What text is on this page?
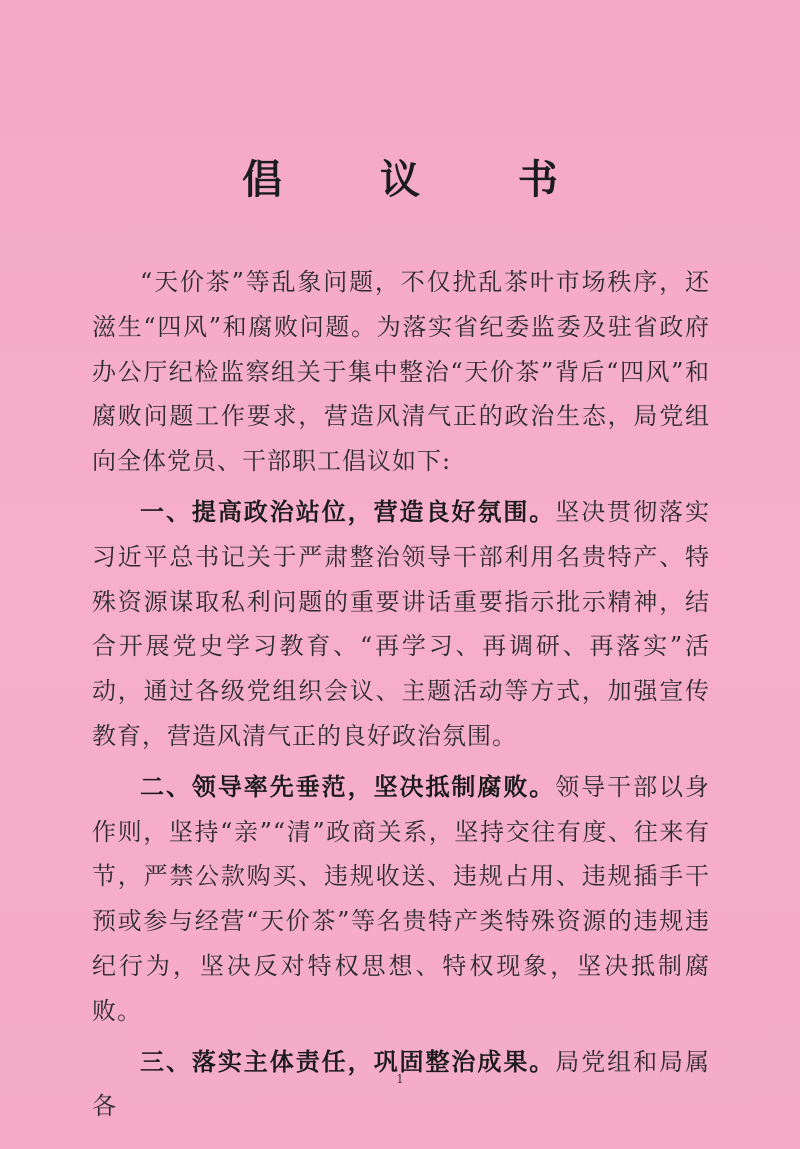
倡 议 书

“天价茶”等乱象问题，不仅扰乱茶叶市场秩序，还滋生“四风”和腐败问题。为落实省纪委监委及驻省政府办公厅纪检监察组关于集中整治“天价茶”背后“四风”和腐败问题工作要求，营造风清气正的政治生态，局党组向全体党员、干部职工倡议如下:

一、提高政治站位，营造良好氛围。坚决贯彻落实习近平总书记关于严肃整治领导干部利用名贵特产、特殊资源谋取私利问题的重要讲话重要指示批示精神，结合开展党史学习教育、“再学习、再调研、再落实”活动，通过各级党组织会议、主题活动等方式，加强宣传教育，营造风清气正的良好政治氛围。

二、领导率先垂范，坚决抵制腐败。领导干部以身作则，坚持“亲”“清”政商关系，坚持交往有度、往来有节，严禁公款购买、违规收送、违规占用、违规插手干预或参与经营“天价茶”等名贵特产类特殊资源的违规违纪行为，坚决反对特权思想、特权现象，坚决抵制腐败。

三、落实主体责任，巩固整治成果。局党组和局属各

1
